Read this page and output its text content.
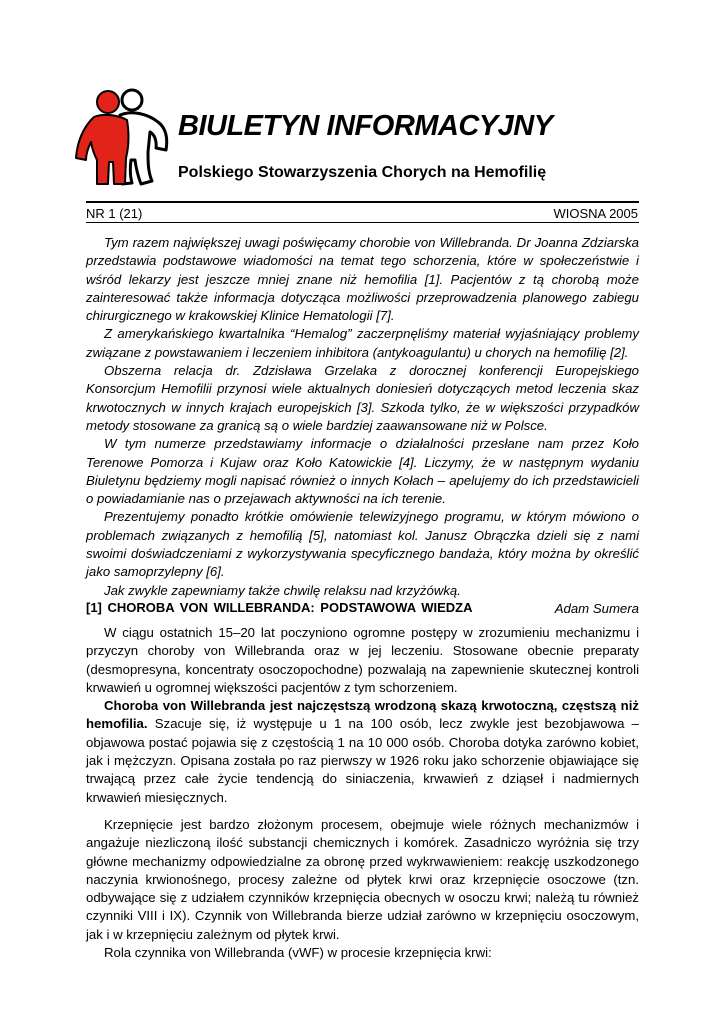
BIULETYN INFORMACYJNY
Polskiego Stowarzyszenia Chorych na Hemofilię
NR 1 (21)	WIOSNA 2005

Tym razem największej uwagi poświęcamy chorobie von Willebranda. Dr Joanna Zdziarska przedstawia podstawowe wiadomości na temat tego schorzenia, które w społeczeństwie i wśród lekarzy jest jeszcze mniej znane niż hemofilia [1]. Pacjentów z tą chorobą może zainteresować także informacja dotycząca możliwości przeprowadzenia planowego zabiegu chirurgicznego w krakowskiej Klinice Hematologii [7].

Z amerykańskiego kwartalnika “Hemalog” zaczerpnęliśmy materiał wyjaśniający problemy związane z powstawaniem i leczeniem inhibitora (antykoagulantu) u chorych na hemofilię [2].

Obszerna relacja dr. Zdzisława Grzelaka z dorocznej konferencji Europejskiego Konsorcjum Hemofilii przynosi wiele aktualnych doniesień dotyczących metod leczenia skaz krwotocznych w innych krajach europejskich [3]. Szkoda tylko, że w większości przypadków metody stosowane za granicą są o wiele bardziej zaawansowane niż w Polsce.

W tym numerze przedstawiamy informacje o działalności przesłane nam przez Koło Terenowe Pomorza i Kujaw oraz Koło Katowickie [4]. Liczymy, że w następnym wydaniu Biuletynu będziemy mogli napisać również o innych Kołach – apelujemy do ich przedstawicieli o powiadamianie nas o przejawach aktywności na ich terenie.

Prezentujemy ponadto krótkie omówienie telewizyjnego programu, w którym mówiono o problemach związanych z hemofilią [5], natomiast kol. Janusz Obrączka dzieli się z nami swoimi doświadczeniami z wykorzystywania specyficznego bandaża, który można by określić jako samoprzylepny [6].

Jak zwykle zapewniamy także chwilę relaksu nad krzyżówką.

Adam Sumera

[1] CHOROBA VON WILLEBRANDA: PODSTAWOWA WIEDZA

W ciągu ostatnich 15–20 lat poczyniono ogromne postępy w zrozumieniu mechanizmu i przyczyn choroby von Willebranda oraz w jej leczeniu. Stosowane obecnie preparaty (desmopresyna, koncentraty osoczopochodne) pozwalają na zapewnienie skutecznej kontroli krwawień u ogromnej większości pacjentów z tym schorzeniem.

Choroba von Willebranda jest najczęstszą wrodzoną skazą krwotoczną, częstszą niż hemofilia. Szacuje się, iż występuje u 1 na 100 osób, lecz zwykle jest bezobjawowa – objawowa postać pojawia się z częstością 1 na 10 000 osób. Choroba dotyka zarówno kobiet, jak i mężczyzn. Opisana została po raz pierwszy w 1926 roku jako schorzenie objawiające się trwającą przez całe życie tendencją do siniaczenia, krwawień z dziąseł i nadmiernych krwawień miesięcznych.

Krzepnięcie jest bardzo złożonym procesem, obejmuje wiele różnych mechanizmów i angażuje niezliczoną ilość substancji chemicznych i komórek. Zasadniczo wyróżnia się trzy główne mechanizmy odpowiedzialne za obronę przed wykrwawieniem: reakcję uszkodzonego naczynia krwionośnego, procesy zależne od płytek krwi oraz krzepnięcie osoczowe (tzn. odbywające się z udziałem czynników krzepnięcia obecnych w osoczu krwi; należą tu również czynniki VIII i IX). Czynnik von Willebranda bierze udział zarówno w krzepnięciu osoczowym, jak i w krzepnięciu zależnym od płytek krwi.

Rola czynnika von Willebranda (vWF) w procesie krzepnięcia krwi:
